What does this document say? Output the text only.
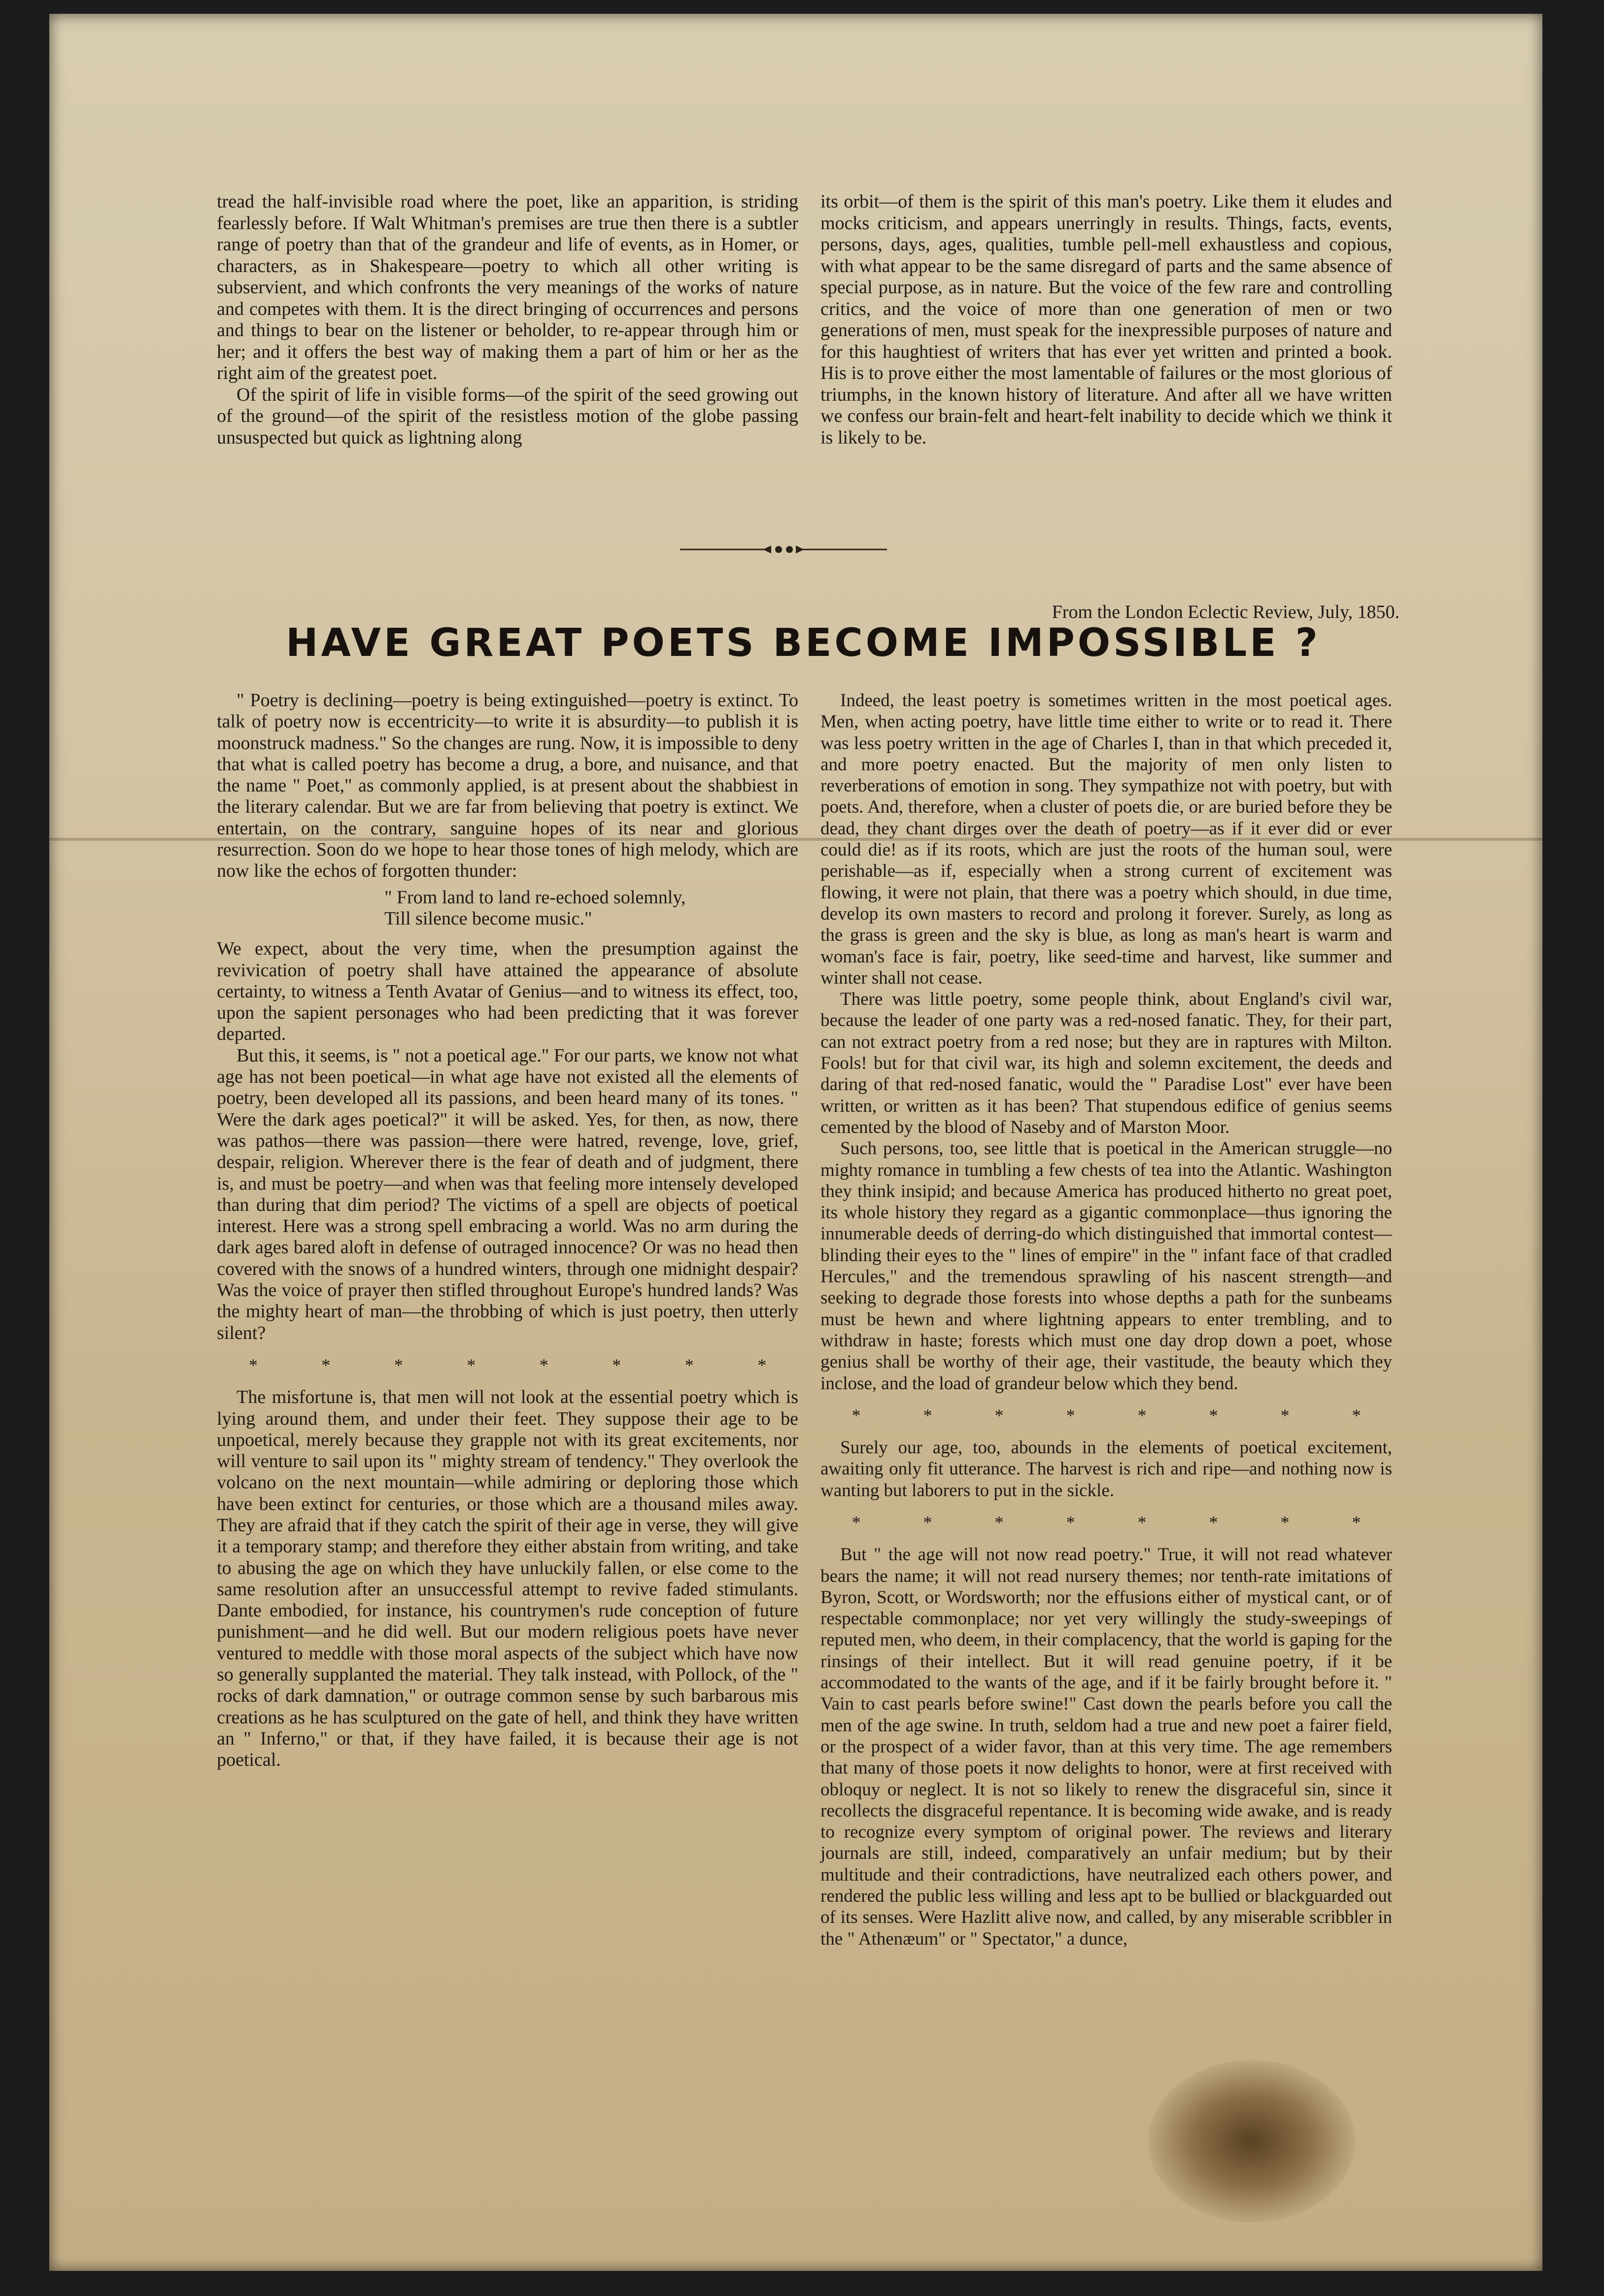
tread the half-invisible road where the poet, like an apparition, is striding fearlessly before. If Walt Whitman's premises are true then there is a subtler range of poetry than that of the grandeur and life of events, as in Homer, or characters, as in Shakespeare—poetry to which all other writing is subservient, and which confronts the very meanings of the works of nature and competes with them. It is the direct bringing of occurrences and persons and things to bear on the listener or beholder, to re-appear through him or her; and it offers the best way of making them a part of him or her as the right aim of the greatest poet.

Of the spirit of life in visible forms—of the spirit of the seed growing out of the ground—of the spirit of the resistless motion of the globe passing unsuspected but quick as lightning along

its orbit—of them is the spirit of this man's poetry. Like them it eludes and mocks criticism, and appears unerringly in results. Things, facts, events, persons, days, ages, qualities, tumble pell-mell exhaustless and copious, with what appear to be the same disregard of parts and the same absence of special purpose, as in nature. But the voice of the few rare and controlling critics, and the voice of more than one generation of men or two generations of men, must speak for the inexpressible purposes of nature and for this haughtiest of writers that has ever yet written and printed a book. His is to prove either the most lamentable of failures or the most glorious of triumphs, in the known history of literature. And after all we have written we confess our brain-felt and heart-felt inability to decide which we think it is likely to be.

From the London Eclectic Review, July, 1850.
HAVE GREAT POETS BECOME IMPOSSIBLE ?

" Poetry is declining—poetry is being extinguished—poetry is extinct. To talk of poetry now is eccentricity—to write it is absurdity—to publish it is moonstruck madness." So the changes are rung. Now, it is impossible to deny that what is called poetry has become a drug, a bore, and nuisance, and that the name " Poet," as commonly applied, is at present about the shabbiest in the literary calendar. But we are far from believing that poetry is extinct. We entertain, on the contrary, sanguine hopes of its near and glorious resurrection. Soon do we hope to hear those tones of high melody, which are now like the echos of forgotten thunder:

" From land to land re-echoed solemnly,

Till silence become music."

We expect, about the very time, when the presumption against the revivication of poetry shall have attained the appearance of absolute certainty, to witness a Tenth Avatar of Genius—and to witness its effect, too, upon the sapient personages who had been predicting that it was forever departed.

But this, it seems, is " not a poetical age." For our parts, we know not what age has not been poetical—in what age have not existed all the elements of poetry, been developed all its passions, and been heard many of its tones. " Were the dark ages poetical?" it will be asked. Yes, for then, as now, there was pathos—there was passion—there were hatred, revenge, love, grief, despair, religion. Wherever there is the fear of death and of judgment, there is, and must be poetry—and when was that feeling more intensely developed than during that dim period? The victims of a spell are objects of poetical interest. Here was a strong spell embracing a world. Was no arm during the dark ages bared aloft in defense of outraged innocence? Or was no head then covered with the snows of a hundred winters, through one midnight despair? Was the voice of prayer then stifled throughout Europe's hundred lands? Was the mighty heart of man—the throbbing of which is just poetry, then utterly silent?

*	*	*	*	*	*	*	*

The misfortune is, that men will not look at the essential poetry which is lying around them, and under their feet. They suppose their age to be unpoetical, merely because they grapple not with its great excitements, nor will venture to sail upon its " mighty stream of tendency." They overlook the volcano on the next mountain—while admiring or deploring those which have been extinct for centuries, or those which are a thousand miles away. They are afraid that if they catch the spirit of their age in verse, they will give it a temporary stamp; and therefore they either abstain from writing, and take to abusing the age on which they have unluckily fallen, or else come to the same resolution after an unsuccessful attempt to revive faded stimulants. Dante embodied, for instance, his countrymen's rude conception of future punishment—and he did well. But our modern religious poets have never ventured to meddle with those moral aspects of the subject which have now so generally supplanted the material. They talk instead, with Pollock, of the " rocks of dark damnation," or outrage common sense by such barbarous mis creations as he has sculptured on the gate of hell, and think they have written an " Inferno," or that, if they have failed, it is because their age is not poetical.

Indeed, the least poetry is sometimes written in the most poetical ages. Men, when acting poetry, have little time either to write or to read it. There was less poetry written in the age of Charles I, than in that which preceded it, and more poetry enacted. But the majority of men only listen to reverberations of emotion in song. They sympathize not with poetry, but with poets. And, therefore, when a cluster of poets die, or are buried before they be dead, they chant dirges over the death of poetry—as if it ever did or ever could die! as if its roots, which are just the roots of the human soul, were perishable—as if, especially when a strong current of excitement was flowing, it were not plain, that there was a poetry which should, in due time, develop its own masters to record and prolong it forever. Surely, as long as the grass is green and the sky is blue, as long as man's heart is warm and woman's face is fair, poetry, like seed-time and harvest, like summer and winter shall not cease.

There was little poetry, some people think, about England's civil war, because the leader of one party was a red-nosed fanatic. They, for their part, can not extract poetry from a red nose; but they are in raptures with Milton. Fools! but for that civil war, its high and solemn excitement, the deeds and daring of that red-nosed fanatic, would the " Paradise Lost" ever have been written, or written as it has been? That stupendous edifice of genius seems cemented by the blood of Naseby and of Marston Moor.

Such persons, too, see little that is poetical in the American struggle—no mighty romance in tumbling a few chests of tea into the Atlantic. Washington they think insipid; and because America has produced hitherto no great poet, its whole history they regard as a gigantic commonplace—thus ignoring the innumerable deeds of derring-do which distinguished that immortal contest—blinding their eyes to the " lines of empire" in the " infant face of that cradled Hercules," and the tremendous sprawling of his nascent strength—and seeking to degrade those forests into whose depths a path for the sunbeams must be hewn and where lightning appears to enter trembling, and to withdraw in haste; forests which must one day drop down a poet, whose genius shall be worthy of their age, their vastitude, the beauty which they inclose, and the load of grandeur below which they bend.

*	*	*	*	*	*	*	*

Surely our age, too, abounds in the elements of poetical excitement, awaiting only fit utterance. The harvest is rich and ripe—and nothing now is wanting but laborers to put in the sickle.

*	*	*	*	*	*	*	*

But " the age will not now read poetry." True, it will not read whatever bears the name; it will not read nursery themes; nor tenth-rate imitations of Byron, Scott, or Wordsworth; nor the effusions either of mystical cant, or of respectable commonplace; nor yet very willingly the study-sweepings of reputed men, who deem, in their complacency, that the world is gaping for the rinsings of their intellect. But it will read genuine poetry, if it be accommodated to the wants of the age, and if it be fairly brought before it. " Vain to cast pearls before swine!" Cast down the pearls before you call the men of the age swine. In truth, seldom had a true and new poet a fairer field, or the prospect of a wider favor, than at this very time. The age remembers that many of those poets it now delights to honor, were at first received with obloquy or neglect. It is not so likely to renew the disgraceful sin, since it recollects the disgraceful repentance. It is becoming wide awake, and is ready to recognize every symptom of original power. The reviews and literary journals are still, indeed, comparatively an unfair medium; but by their multitude and their contradictions, have neutralized each others power, and rendered the public less willing and less apt to be bullied or blackguarded out of its senses. Were Hazlitt alive now, and called, by any miserable scribbler in the " Athenæum" or " Spectator," a dunce,
